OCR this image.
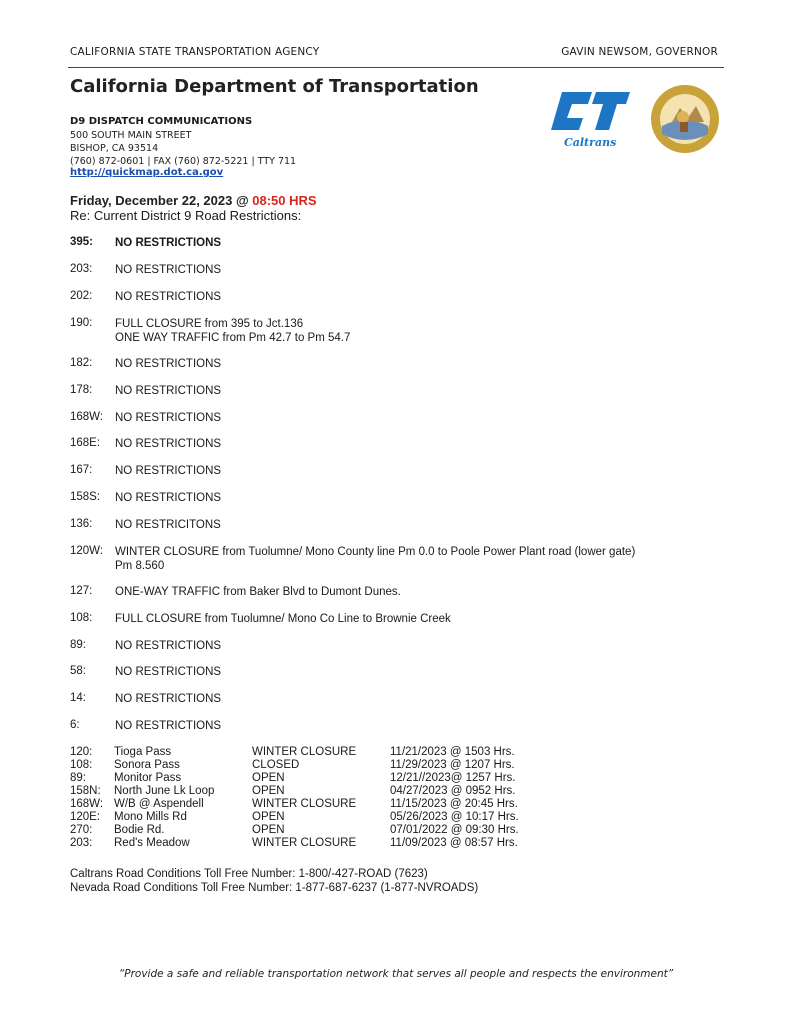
CALIFORNIA STATE TRANSPORTATION AGENCY	GAVIN NEWSOM, GOVERNOR
California Department of Transportation
D9 DISPATCH COMMUNICATIONS
500 SOUTH MAIN STREET
BISHOP, CA 93514
(760) 872-0601 | FAX (760) 872-5221 | TTY 711
http://quickmap.dot.ca.gov
Caltrans
Friday, December 22, 2023 @ 08:50 HRS
Re: Current District 9 Road Restrictions:
395:	NO RESTRICTIONS
203:	NO RESTRICTIONS
202:	NO RESTRICTIONS
190:	FULL CLOSURE from 395 to Jct.136
ONE WAY TRAFFIC from Pm 42.7 to Pm 54.7
182:	NO RESTRICTIONS
178:	NO RESTRICTIONS
168W:	NO RESTRICTIONS
168E:	NO RESTRICTIONS
167:	NO RESTRICTIONS
158S:	NO RESTRICTIONS
136:	NO RESTRICITONS
120W:	WINTER CLOSURE from Tuolumne/ Mono County line Pm 0.0 to Poole Power Plant road (lower gate)
Pm 8.560
127:	ONE-WAY TRAFFIC from Baker Blvd to Dumont Dunes.
108:	FULL CLOSURE from Tuolumne/ Mono Co Line to Brownie Creek
89:	NO RESTRICTIONS
58:	NO RESTRICTIONS
14:	NO RESTRICTIONS
6:	NO RESTRICTIONS
120: Tioga Pass	WINTER CLOSURE	11/21/2023 @ 1503 Hrs.
108: Sonora Pass	CLOSED	11/29/2023 @ 1207 Hrs.
89: Monitor Pass	OPEN	12/21//2023@ 1257 Hrs.
158N: North June Lk Loop	OPEN	04/27/2023 @ 0952 Hrs.
168W: W/B @ Aspendell	WINTER CLOSURE	11/15/2023 @ 20:45 Hrs.
120E: Mono Mills Rd	OPEN	05/26/2023 @ 10:17 Hrs.
270: Bodie Rd.	OPEN	07/01/2022 @ 09:30 Hrs.
203: Red's Meadow	WINTER CLOSURE	11/09/2023 @ 08:57 Hrs.
Caltrans Road Conditions Toll Free Number: 1-800/-427-ROAD (7623)
Nevada Road Conditions Toll Free Number: 1-877-687-6237 (1-877-NVROADS)
“Provide a safe and reliable transportation network that serves all people and respects the environment”
